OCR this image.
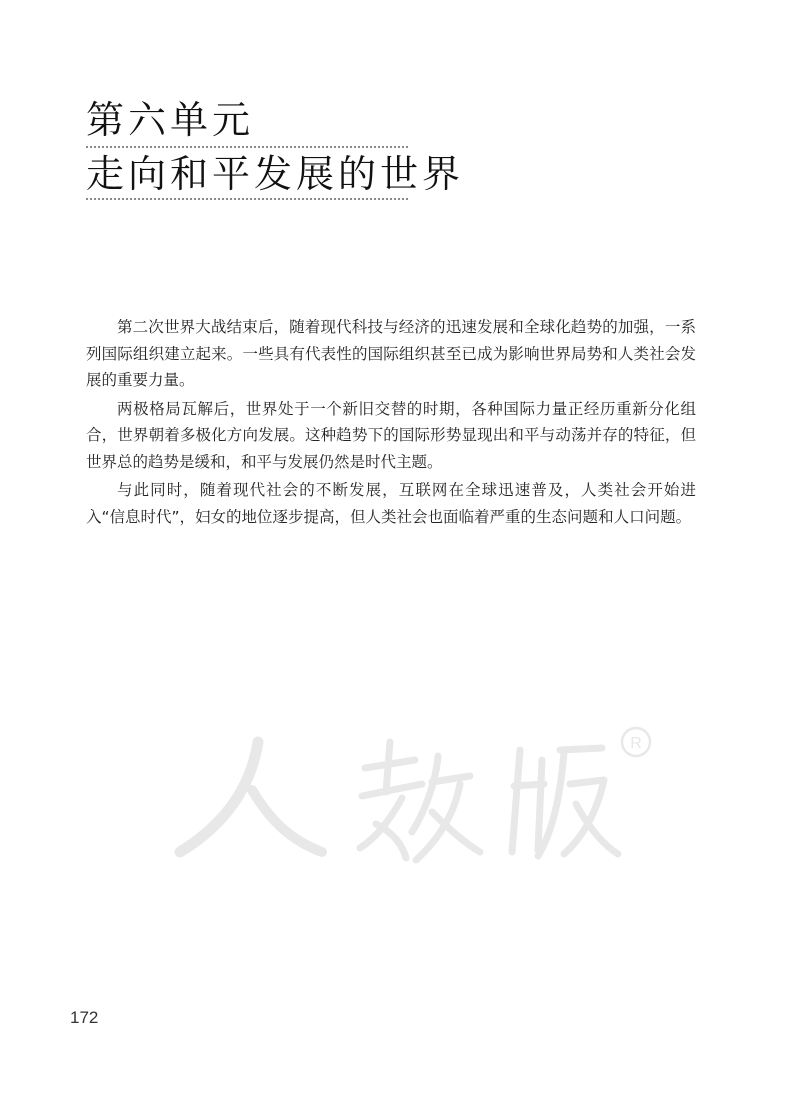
第六单元
走向和平发展的世界

第二次世界大战结束后，随着现代科技与经济的迅速发展和全球化趋势的加强，一系列国际组织建立起来。一些具有代表性的国际组织甚至已成为影响世界局势和人类社会发展的重要力量。

两极格局瓦解后，世界处于一个新旧交替的时期，各种国际力量正经历重新分化组合，世界朝着多极化方向发展。这种趋势下的国际形势显现出和平与动荡并存的特征，但世界总的趋势是缓和，和平与发展仍然是时代主题。

与此同时，随着现代社会的不断发展，互联网在全球迅速普及，人类社会开始进入“信息时代”，妇女的地位逐步提高，但人类社会也面临着严重的生态问题和人口问题。

R
172
